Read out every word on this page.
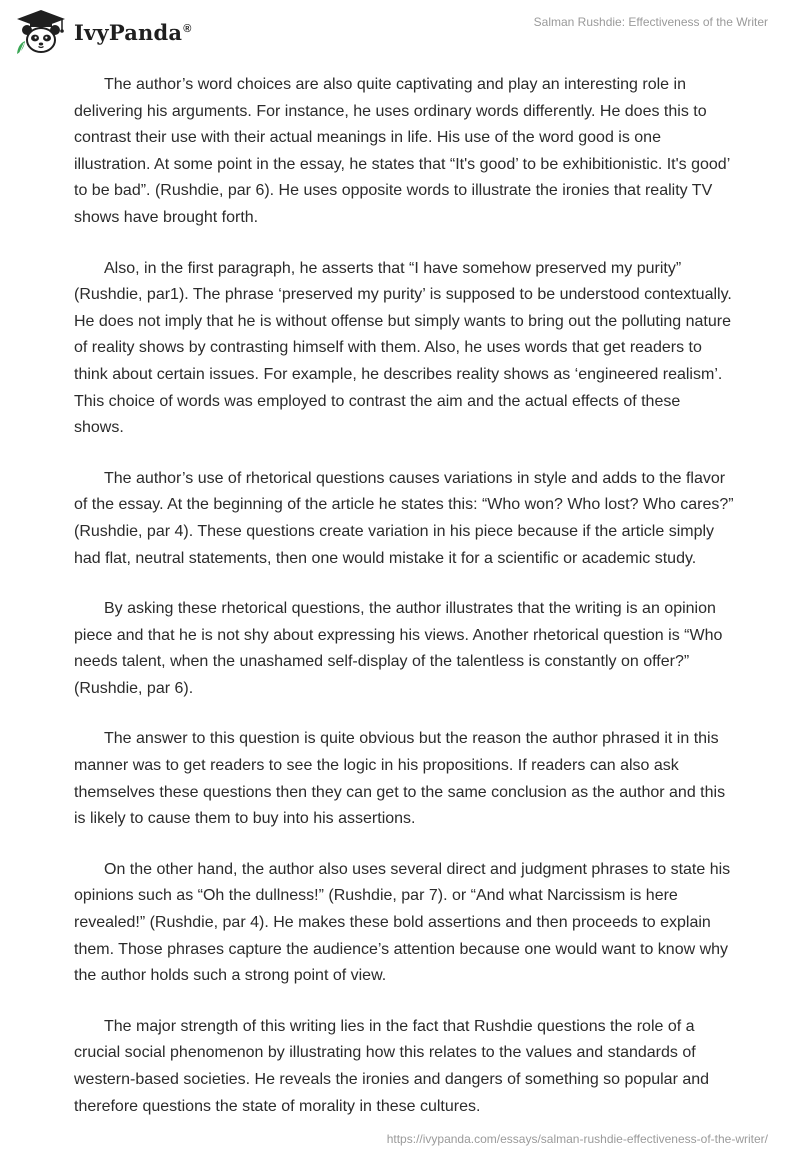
IvyPanda®	Salman Rushdie: Effectiveness of the Writer

The author’s word choices are also quite captivating and play an interesting role in delivering his arguments. For instance, he uses ordinary words differently. He does this to contrast their use with their actual meanings in life. His use of the word good is one illustration. At some point in the essay, he states that “It's good’ to be exhibitionistic. It's good’ to be bad”. (Rushdie, par 6). He uses opposite words to illustrate the ironies that reality TV shows have brought forth.

Also, in the first paragraph, he asserts that “I have somehow preserved my purity” (Rushdie, par1). The phrase ‘preserved my purity’ is supposed to be understood contextually. He does not imply that he is without offense but simply wants to bring out the polluting nature of reality shows by contrasting himself with them. Also, he uses words that get readers to think about certain issues. For example, he describes reality shows as ‘engineered realism’. This choice of words was employed to contrast the aim and the actual effects of these shows.

The author’s use of rhetorical questions causes variations in style and adds to the flavor of the essay. At the beginning of the article he states this: “Who won? Who lost? Who cares?” (Rushdie, par 4). These questions create variation in his piece because if the article simply had flat, neutral statements, then one would mistake it for a scientific or academic study.

By asking these rhetorical questions, the author illustrates that the writing is an opinion piece and that he is not shy about expressing his views. Another rhetorical question is “Who needs talent, when the unashamed self-display of the talentless is constantly on offer?” (Rushdie, par 6).

The answer to this question is quite obvious but the reason the author phrased it in this manner was to get readers to see the logic in his propositions. If readers can also ask themselves these questions then they can get to the same conclusion as the author and this is likely to cause them to buy into his assertions.

On the other hand, the author also uses several direct and judgment phrases to state his opinions such as “Oh the dullness!” (Rushdie, par 7). or “And what Narcissism is here revealed!” (Rushdie, par 4). He makes these bold assertions and then proceeds to explain them. Those phrases capture the audience’s attention because one would want to know why the author holds such a strong point of view.

The major strength of this writing lies in the fact that Rushdie questions the role of a crucial social phenomenon by illustrating how this relates to the values and standards of western-based societies. He reveals the ironies and dangers of something so popular and therefore questions the state of morality in these cultures.

https://ivypanda.com/essays/salman-rushdie-effectiveness-of-the-writer/
